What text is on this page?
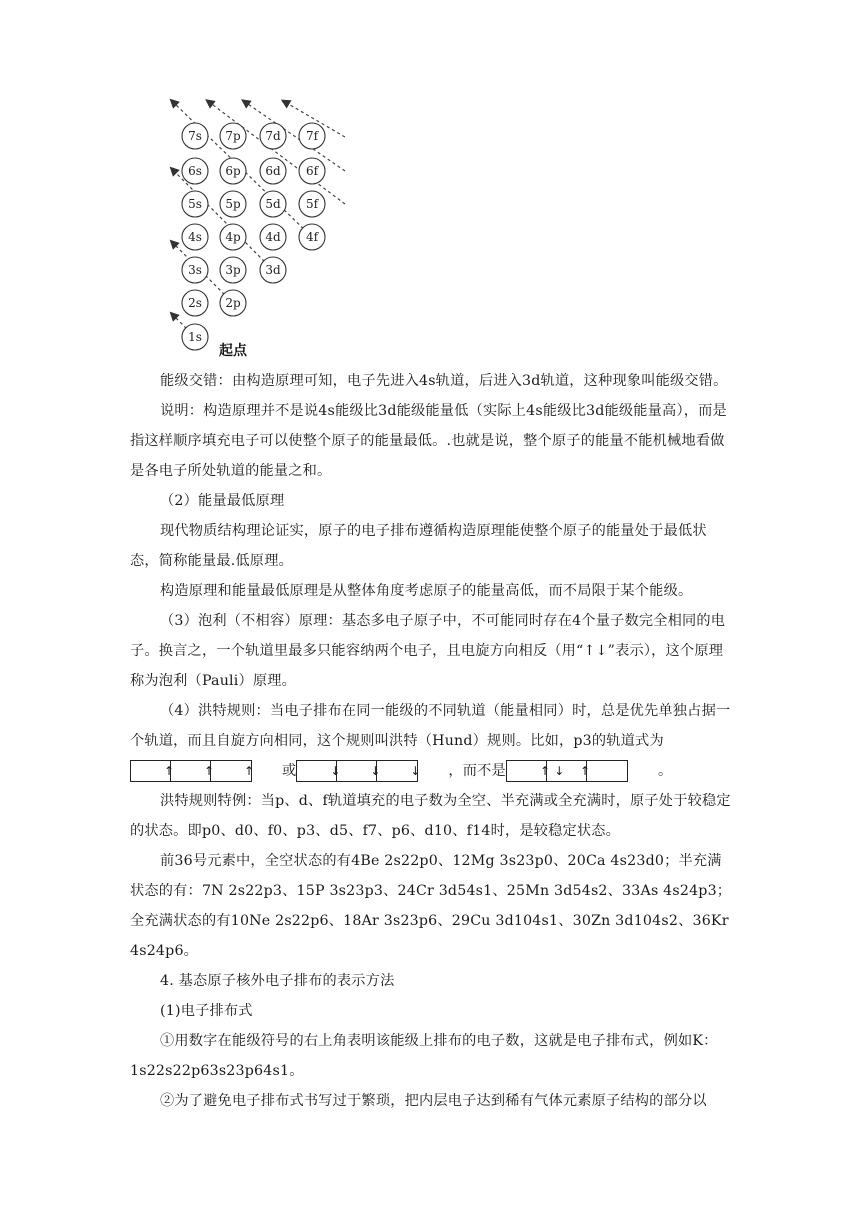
7s 7p 7d 7f
6s 6p 6d 6f
5s 5p 5d 5f
4s 4p 4d 4f
3s 3p 3d
2s 2p
1s
起点

能级交错：由构造原理可知，电子先进入4s轨道，后进入3d轨道，这种现象叫能级交错。

说明：构造原理并不是说4s能级比3d能级能量低（实际上4s能级比3d能级能量高），而是指这样顺序填充电子可以使整个原子的能量最低。.也就是说，整个原子的能量不能机械地看做是各电子所处轨道的能量之和。

（2）能量最低原理

现代物质结构理论证实，原子的电子排布遵循构造原理能使整个原子的能量处于最低状态，简称能量最.低原理。

构造原理和能量最低原理是从整体角度考虑原子的能量高低，而不局限于某个能级。

（3）泡利（不相容）原理：基态多电子原子中，不可能同时存在4个量子数完全相同的电子。换言之，一个轨道里最多只能容纳两个电子，且电旋方向相反（用“↑↓”表示），这个原理称为泡利（Pauli）原理。

（4）洪特规则：当电子排布在同一能级的不同轨道（能量相同）时，总是优先单独占据一个轨道，而且自旋方向相同，这个规则叫洪特（Hund）规则。比如，p3的轨道式为
↑	↑	↑	或	↓	↓	↓	，而不是	↑ ↓	↑	。

洪特规则特例：当p、d、f轨道填充的电子数为全空、半充满或全充满时，原子处于较稳定的状态。即p0、d0、f0、p3、d5、f7、p6、d10、f14时，是较稳定状态。

前36号元素中，全空状态的有4Be 2s22p0、12Mg 3s23p0、20Ca 4s23d0；半充满状态的有：7N 2s22p3、15P 3s23p3、24Cr 3d54s1、25Mn 3d54s2、33As 4s24p3；全充满状态的有10Ne 2s22p6、18Ar 3s23p6、29Cu 3d104s1、30Zn 3d104s2、36Kr 4s24p6。

4. 基态原子核外电子排布的表示方法

(1)电子排布式

①用数字在能级符号的右上角表明该能级上排布的电子数，这就是电子排布式，例如K：1s22s22p63s23p64s1。

②为了避免电子排布式书写过于繁琐，把内层电子达到稀有气体元素原子结构的部分以
